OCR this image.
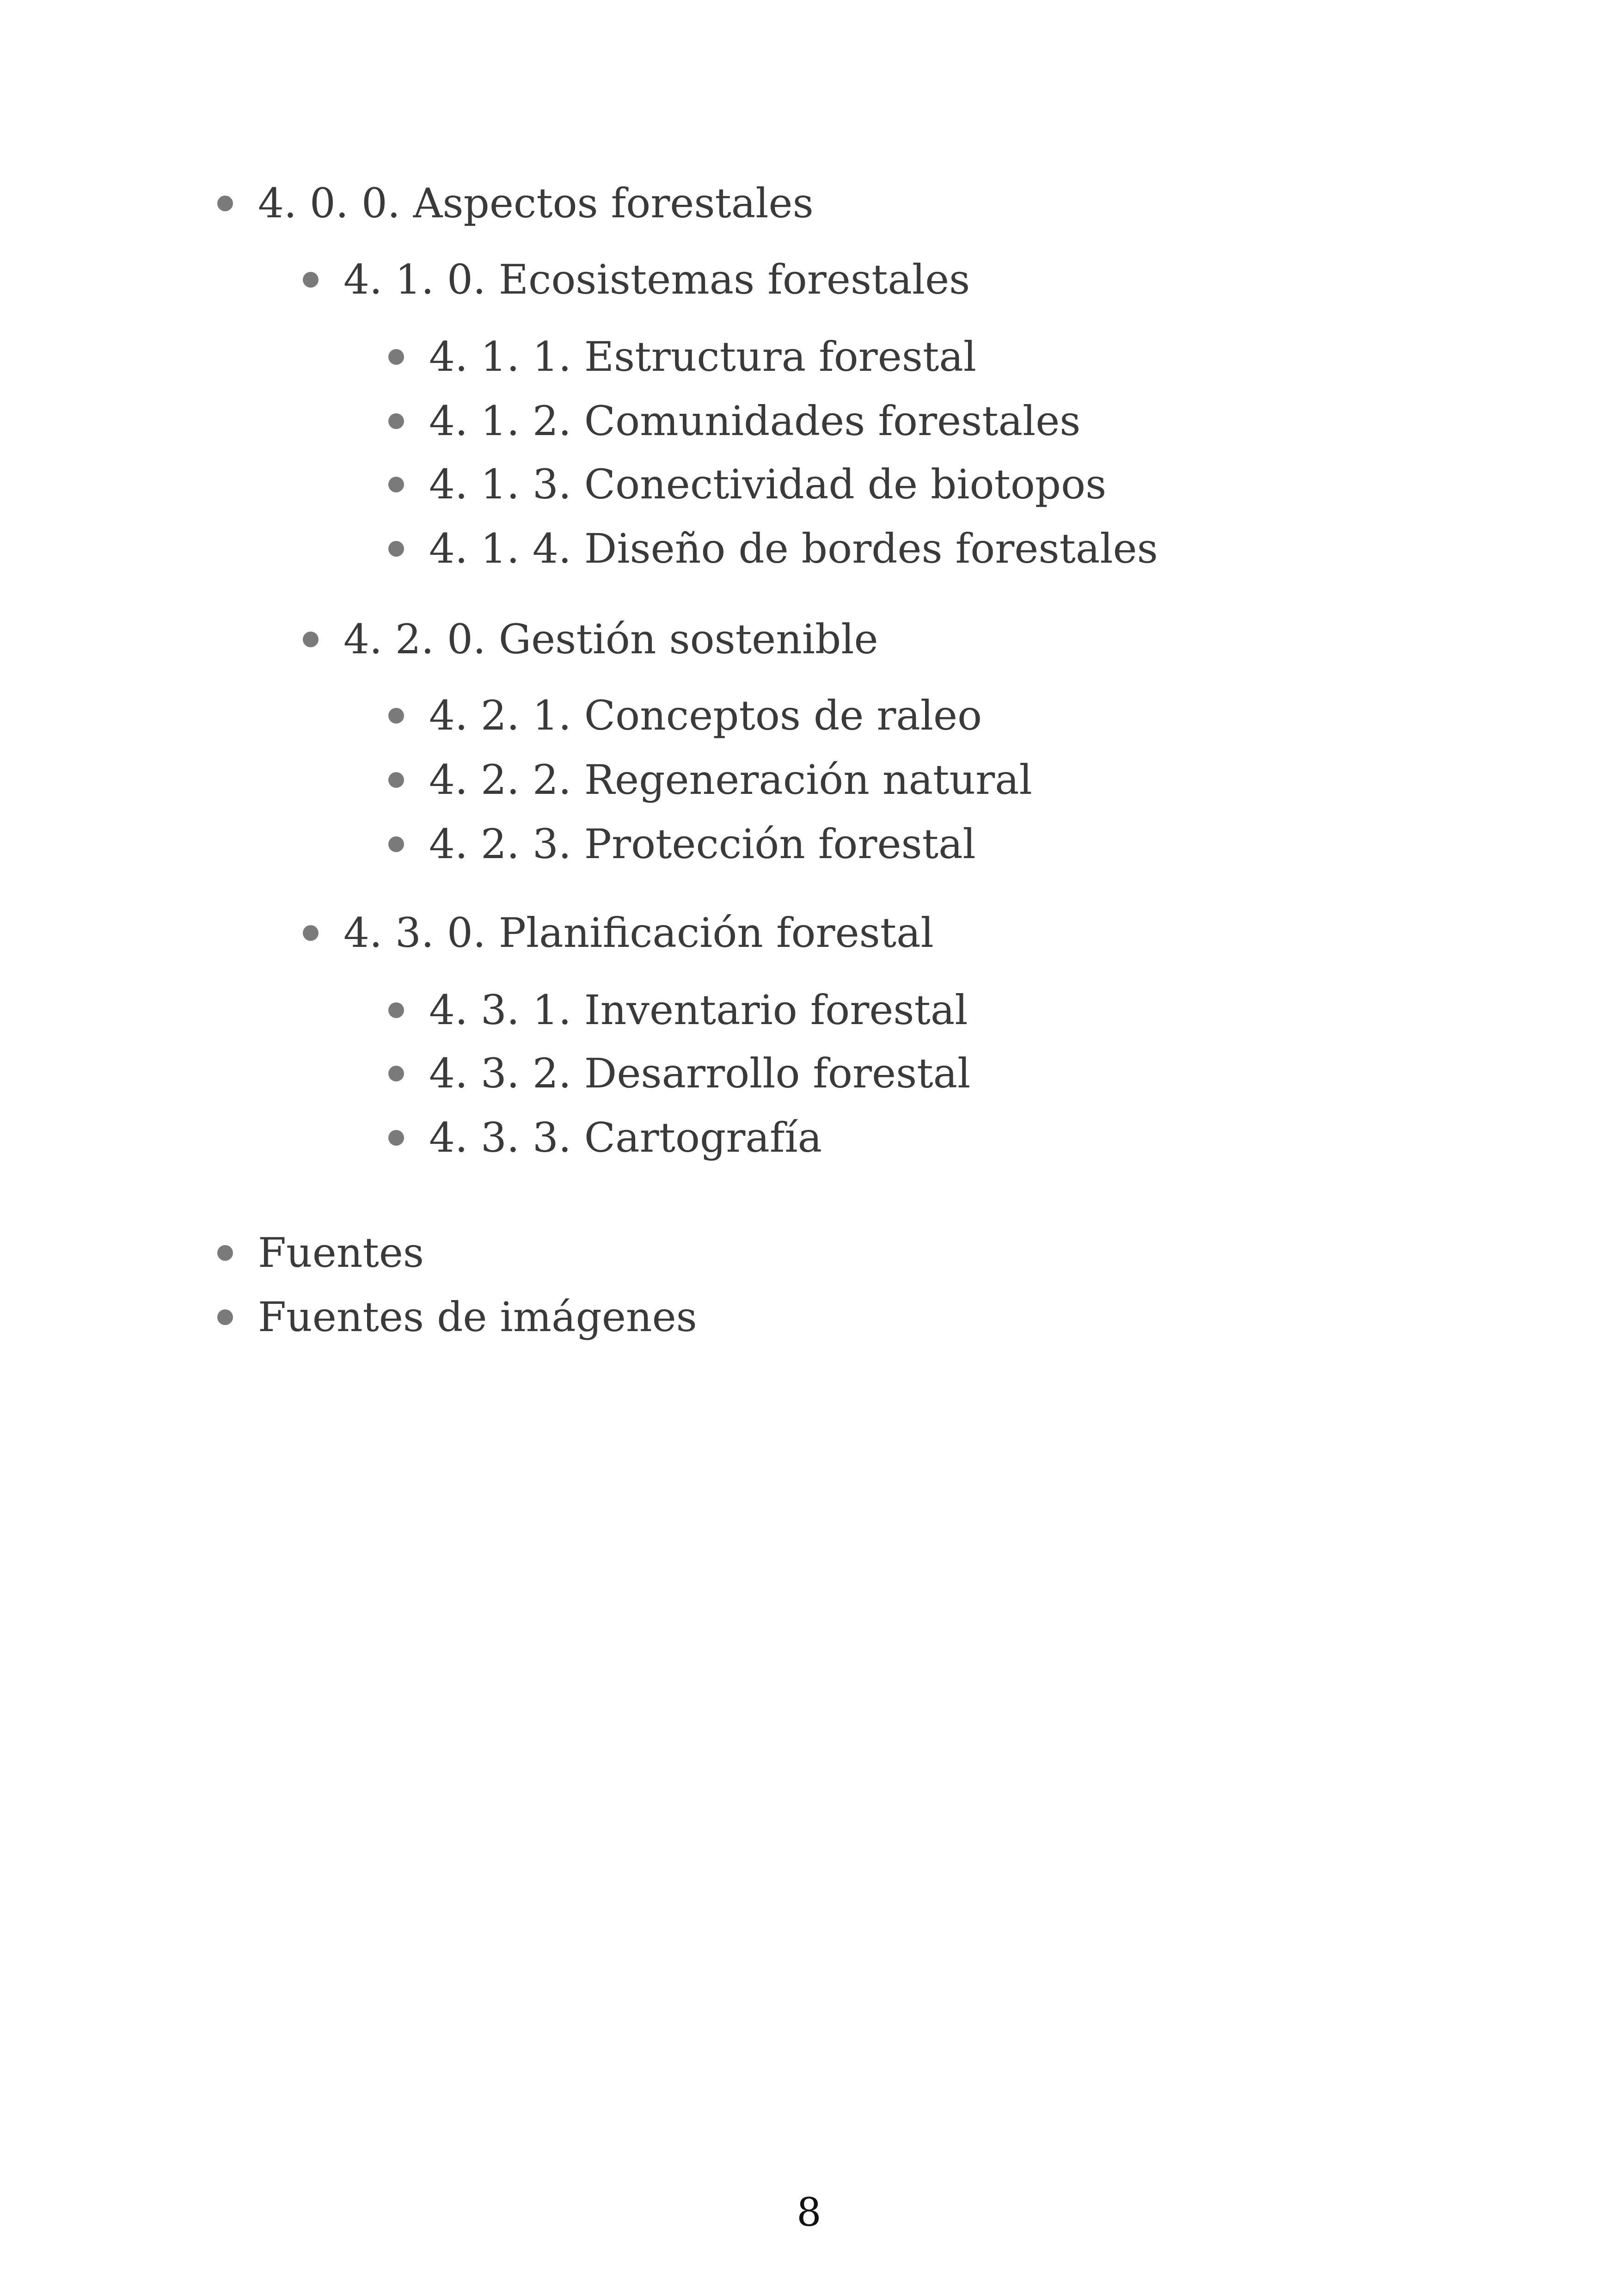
4. 0. 0. Aspectos forestales
4. 1. 0. Ecosistemas forestales
4. 1. 1. Estructura forestal
4. 1. 2. Comunidades forestales
4. 1. 3. Conectividad de biotopos
4. 1. 4. Diseño de bordes forestales
4. 2. 0. Gestión sostenible
4. 2. 1. Conceptos de raleo
4. 2. 2. Regeneración natural
4. 2. 3. Protección forestal
4. 3. 0. Planificación forestal
4. 3. 1. Inventario forestal
4. 3. 2. Desarrollo forestal
4. 3. 3. Cartografía
Fuentes
Fuentes de imágenes
8
